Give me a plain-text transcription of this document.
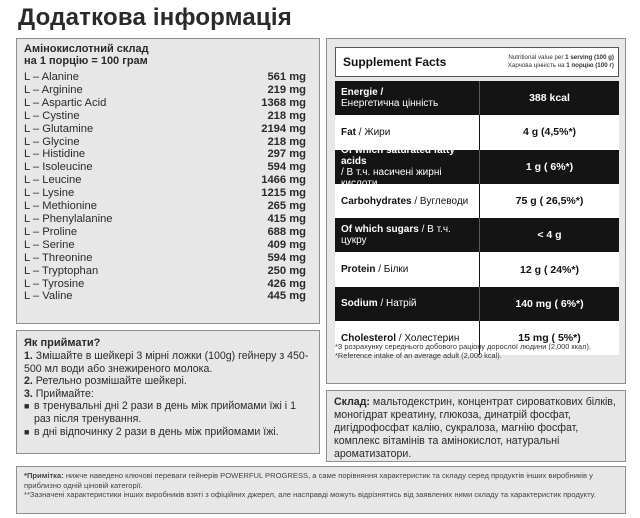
Додаткова інформація
Амінокислотний склад
на 1 порцію = 100 грам
L – Alanine	561 mg
L – Arginine	219 mg
L – Aspartic Acid	1368 mg
L – Cystine	218 mg
L – Glutamine	2194 mg
L – Glycine	218 mg
L – Histidine	297 mg
L – Isoleucine	594 mg
L – Leucine	1466 mg
L – Lysine	1215 mg
L – Methionine	265 mg
L – Phenylalanine	415 mg
L – Proline	688 mg
L – Serine	409 mg
L – Threonine	594 mg
L – Tryptophan	250 mg
L – Tyrosine	426 mg
L – Valine	445 mg
Supplement Facts	Nutritional value per 1 serving (100 g)
Харчова цінність на 1 порцію (100 г)
Energie /
Енергетична цінність	388 kcal
Fat / Жири	4 g (4,5%*)
Of which saturated fatty acids
/ В т.ч. насичені жирні	1 g ( 6%*)
Carbohydrates / Вуглеводи	75 g ( 26,5%*)
Of which sugars / В т.ч. цукру	< 4 g
Protein / Білки	12 g ( 24%*)
Sodium / Натрій	140 mg ( 6%*)
Cholesterol / Холестерин	15 mg ( 5%*)
*З розрахунку середнього добового раціону дорослої людини (2,000 ккал).
*Reference intake of an average adult (2,000 kcal).
Як приймати?
1. Змішайте в шейкері 3 мірні ложки (100g) гейнеру з 450-500 мл води або знежиреного молока.
2. Ретельно розмішайте шейкері.
3. Приймайте:
■ в тренувальні дні 2 рази в день між прийомами їжі і 1 раз після тренування.
■ в дні відпочинку 2 рази в день між прийомами їжі.
Склад: мальтодекстрин, концентрат сироваткових білків, моногідрат креатину, глюкоза, динатрій фосфат, дигідрофосфат калію, сукралоза, магнію фосфат, комплекс вітамінів та амінокислот, натуральні ароматизатори.
*Примітка: нижче наведено ключові переваги гейнерів POWERFUL PROGRESS, а саме порівняння характеристик та складу серед продуктів інших виробників у приблизно одній ціновій категорії.
**Зазначені характеристики інших виробників взяті з офіційних джерел, але насправді можуть відрізнятись від заявлених ними складу та характеристик продукту.
